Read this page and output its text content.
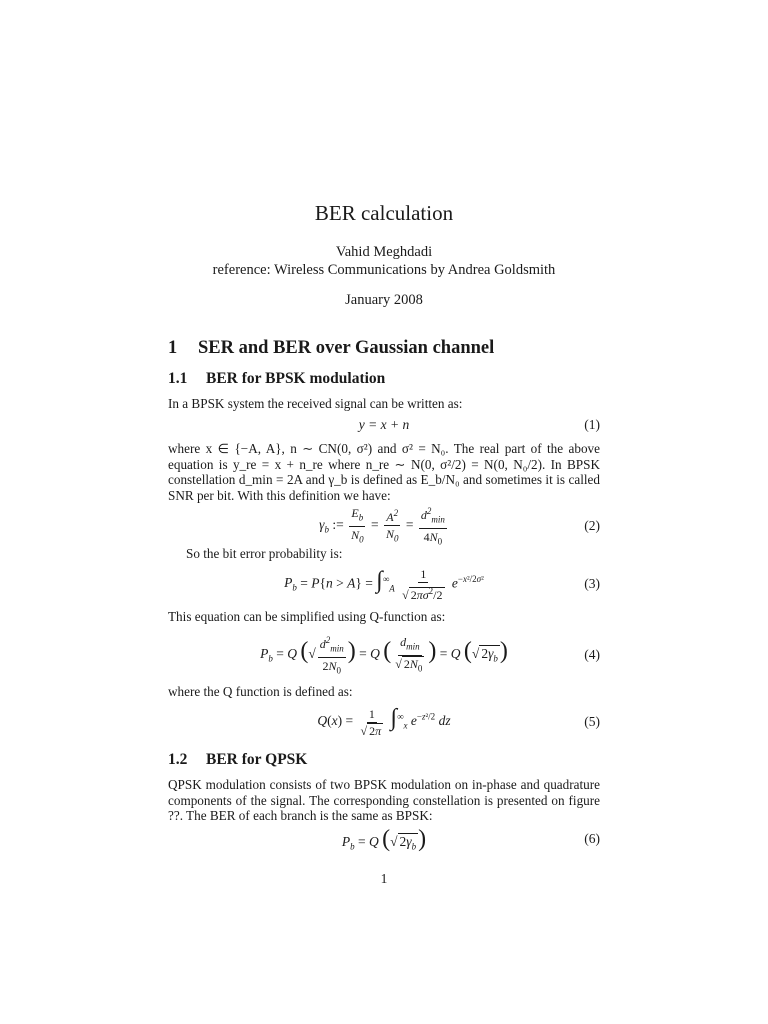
BER calculation
Vahid Meghdadi
reference: Wireless Communications by Andrea Goldsmith
January 2008
1 SER and BER over Gaussian channel
1.1 BER for BPSK modulation
In a BPSK system the received signal can be written as:
y = x + n	(1)
where x ∈ {−A, A}, n ∼ CN(0, σ²) and σ² = N₀. The real part of the above equation is y_re = x + n_re where n_re ∼ N(0, σ²/2) = N(0, N₀/2). In BPSK constellation d_min = 2A and γ_b is defined as E_b/N₀ and sometimes it is called SNR per bit. With this definition we have:
$\gamma_b$ := $\frac{E_b}{N_0} = \frac{A^2}{N_0} = \frac{d^2_{min}}{4N_0}$	(2)
So the bit error probability is:
$P_b = P\{n > A\} = \int^\infty_A \frac{1}{√ 2\pi\sigma^2/2} e^{-x^2/2\sigma^2}$	(3)
This equation can be simplified using Q-function as:
$P_b = Q$ (√ $\frac{d^2_{min}}{2N_0}$ ) = Q ( $\frac{d_{min}}{√ 2N_0}$ ) = Q (√ $2\gamma_b$)	(4)
where the Q function is defined as:
$Q(x) = \frac{1}{√ 2\pi} \int^\infty_x$ $e^{-z^2/2}$ dz	(5)
1.2 BER for QPSK
QPSK modulation consists of two BPSK modulation on in-phase and quadrature components of the signal. The corresponding constellation is presented on figure ??. The BER of each branch is the same as BPSK:
$P_b = Q$ (√ $2\gamma_b$)	(6)
1
